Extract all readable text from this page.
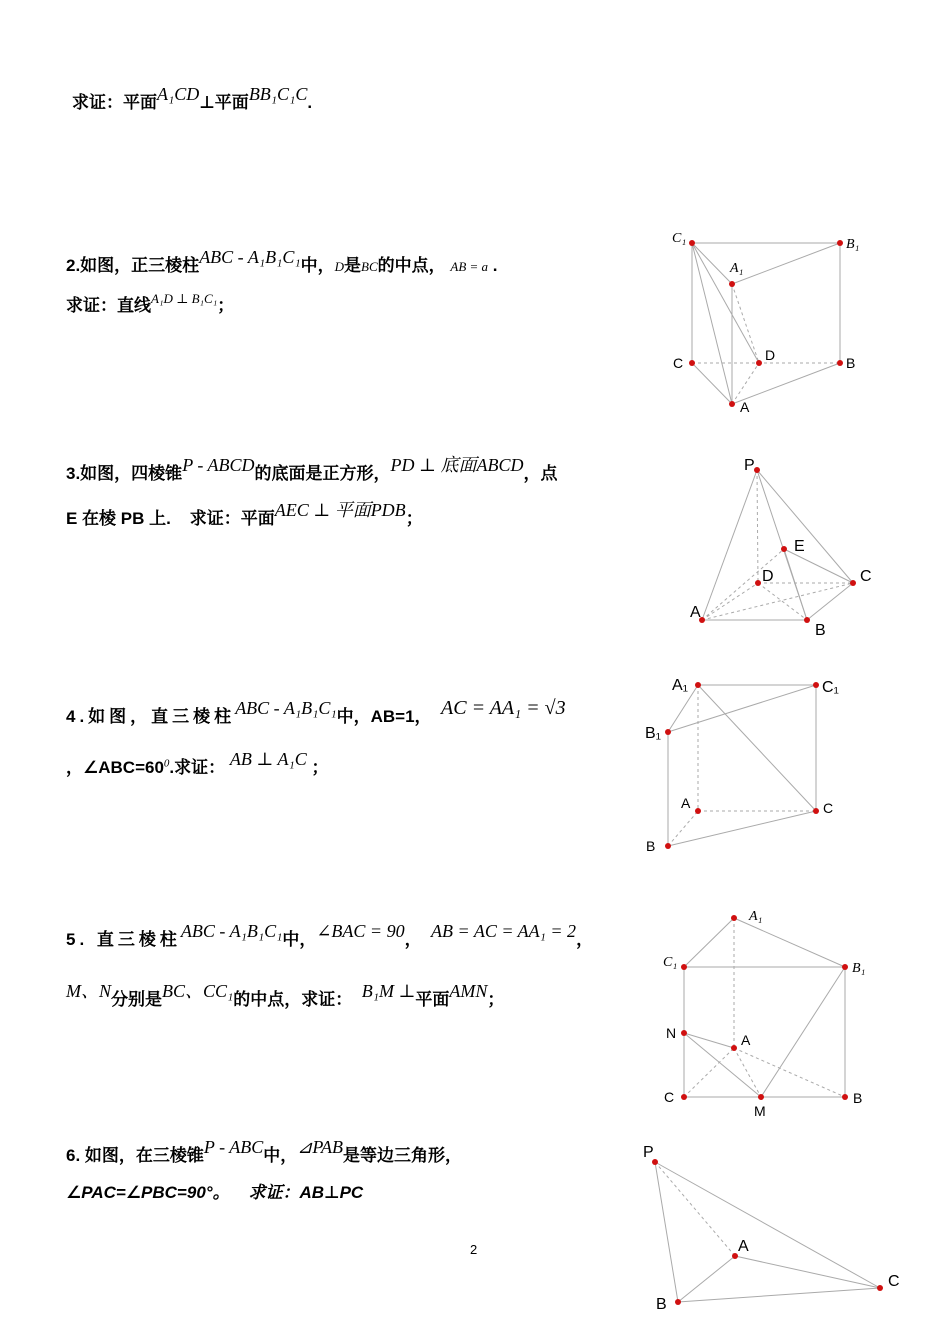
求证：平面A₁CD⊥平面BB₁C₁C.
2.如图，正三棱柱ABC - A₁B₁C₁中，D是BC的中点， AB = a .
求证：直线$^{A_1D \perp B_1C_1}$；
3.如图，四棱锥P - ABCD的底面是正方形，PD ⊥ 底面ABCD，点
E 在棱 PB 上. 求证：平面AEC ⊥ 平面PDB；
4.如图，直三棱柱ABC - A₁B₁C₁中，AB=1， AC = AA₁ = √3
，$\angle ABC=60^0$.求证： AB ⊥ A₁C ；
5. 直三棱柱ABC - A₁B₁C₁中，∠BAC = 90， AB = AC = AA₁ = 2，
M、N分别是BC、CC₁的中点，求证： B₁M ⊥平面AMN；
6. 如图，在三棱锥P - ABC中，⊿PAB是等边三角形，
∠PAC=∠PBC=90°。 求证：AB⊥PC
2
C₁	B₁
A₁
C	D	B
A
P
E
D	C
A
B
A₁	C₁
B₁
A	C
B
A₁
C₁	B₁
N	A
C
M
B
P
A
B
C
